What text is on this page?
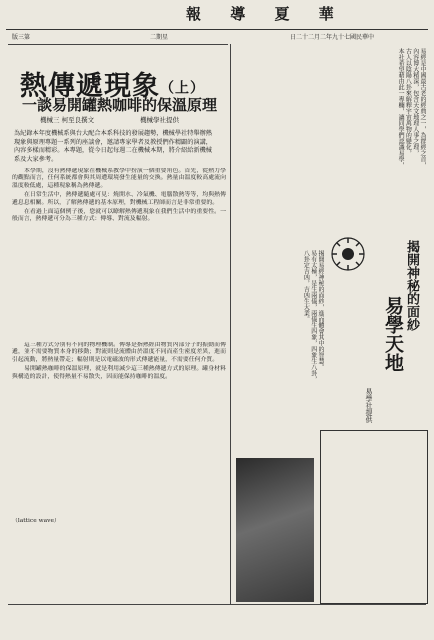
報 導 夏 華
版三第	二期星	日二十二月二年九十七國民華中
熱傳遞現象（上）
一談易開罐熱咖啡的保溫原理
機械三 柯至良撰文	機械學社提供
為紀錄本年度機械系與台大配合本系科技的發展趨勢，機械學社特舉辦熱現象與原理專題一系列的座談會，邀請專家學者及教授們作精闢的演講，內容多樣而精彩。本專題，從今日起每週二在機械本期，將介紹給新機械系及大家參考。

本學期，沒有熱傳遞現象在機械系教學中扮演一個重要角色。首先，從熱力學的觀點而言，任何系統都會與其周遭環境發生能量的交換。熱量由溫度較高處流向溫度較低處，這種現象稱為熱傳遞。

在日常生活中，熱傳遞隨處可見：燒開水、冷氣機、電腦散熱等等，均與熱傳遞息息相關。所以，了解熱傳遞的基本原理，對機械工程師而言是非常重要的。

在看過上面這個例子後，您就可以瞭解熱傳遞現象在我們生活中的重要性。一般而言，熱傳遞可分為三種方式：傳導、對流及輻射。

這三種方式分別有不同的物理機制。傳導是指熱經由物質內部分子的振動而傳遞，並不需要物質本身的移動；對流則是流體由於溫度不同而產生密度差異，進而引起流動，將熱量帶走；輻射則是以電磁波的形式傳遞能量，不需要任何介質。

易開罐熱咖啡的保溫原理，就是利用減少這三種熱傳遞方式的原理。罐身材料與構造的設計，使得熱量不易散失，因而能保持咖啡的溫度。

（lattice wave）
易經是中國最古老的經典之一，為群經之首，
內容博大精深，包含天文地理人事之理，
古人以陰陽八卦來解釋宇宙萬物的變化，
本社希望藉由此一專欄，讓同學們認識易學，
揭開神秘的面紗
易學天地
易學社提供
揭開易經神秘的面紗，進而體會其中的智慧。
易有太極，是生兩儀，兩儀生四象，四象生八卦，
八卦定吉凶，吉凶生大業。
